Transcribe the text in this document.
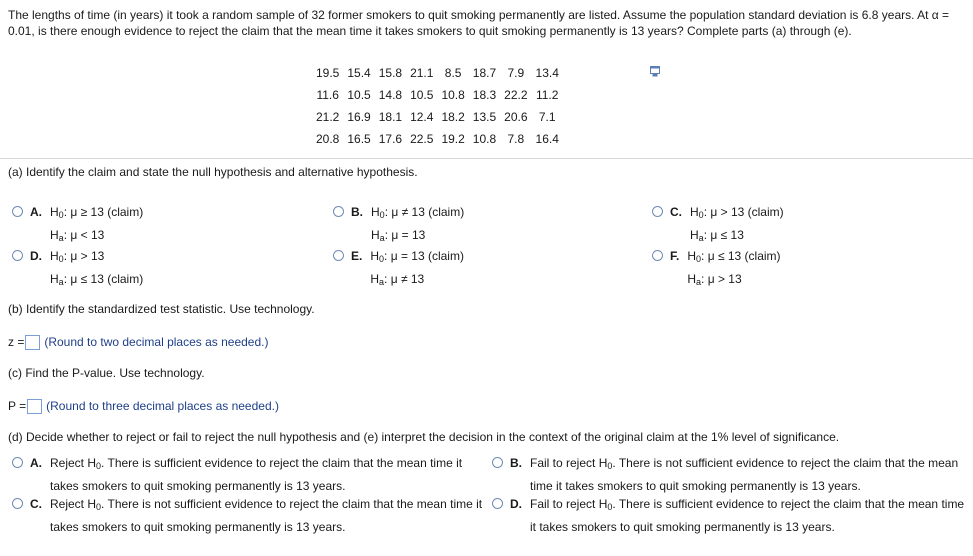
The lengths of time (in years) it took a random sample of 32 former smokers to quit smoking permanently are listed. Assume the population standard deviation is 6.8 years. At α = 0.01, is there enough evidence to reject the claim that the mean time it takes smokers to quit smoking permanently is 13 years? Complete parts (a) through (e).
19.5	15.4	15.8	21.1	8.5	18.7	7.9	13.4
11.6	10.5	14.8	10.5	10.8	18.3	22.2	11.2
21.2	16.9	18.1	12.4	18.2	13.5	20.6	7.1
20.8	16.5	17.6	22.5	19.2	10.8	7.8	16.4
(a) Identify the claim and state the null hypothesis and alternative hypothesis.
A. $H_0$: μ ≥ 13 (claim)
$H_a$: μ < 13
B. $H_0$: μ ≠ 13 (claim)
$H_a$: μ = 13
C. $H_0$: μ > 13 (claim)
$H_a$: μ ≤ 13
D. $H_0$: μ > 13
$H_a$: μ ≤ 13 (claim)
E. $H_0$: μ = 13 (claim)
$H_a$: μ ≠ 13
F. $H_0$: μ ≤ 13 (claim)
$H_a$: μ > 13
(b) Identify the standardized test statistic. Use technology.
z = (Round to two decimal places as needed.)
(c) Find the P-value. Use technology.
P = (Round to three decimal places as needed.)
(d) Decide whether to reject or fail to reject the null hypothesis and (e) interpret the decision in the context of the original claim at the 1% level of significance.
A. Reject $H_0$. There is sufficient evidence to reject the claim that the mean time it takes smokers to quit smoking permanently is 13 years.
B. Fail to reject $H_0$. There is not sufficient evidence to reject the claim that the mean time it takes smokers to quit smoking permanently is 13 years.
C. Reject $H_0$. There is not sufficient evidence to reject the claim that the mean time it takes smokers to quit smoking permanently is 13 years.
D. Fail to reject $H_0$. There is sufficient evidence to reject the claim that the mean time it takes smokers to quit smoking permanently is 13 years.
